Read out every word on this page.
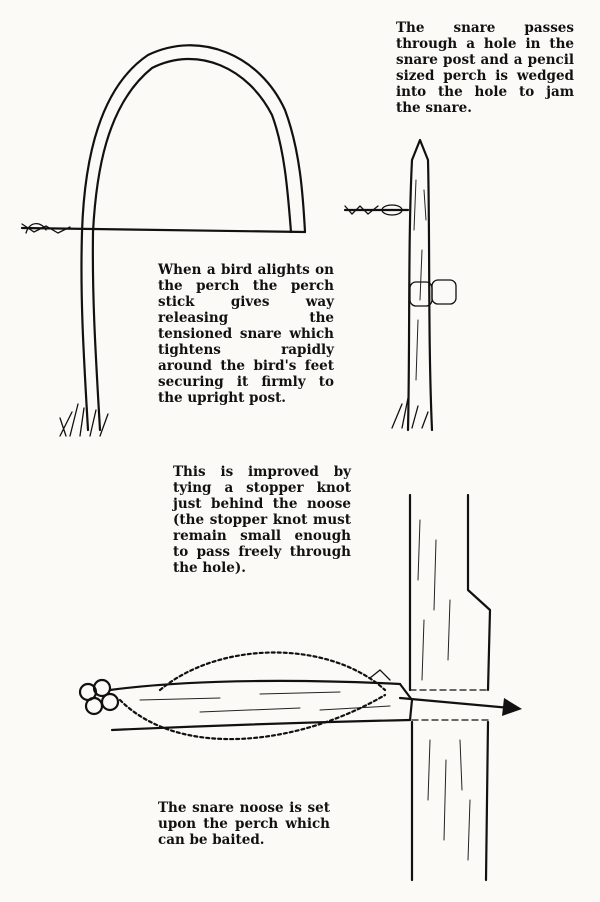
The snare passes through a hole in the snare post and a pencil sized perch is wedged into the hole to jam the snare.

When a bird alights on the perch the perch stick gives way releasing the tensioned snare which tightens rapidly around the bird's feet securing it firmly to the upright post.

This is improved by tying a stopper knot just behind the noose (the stopper knot must remain small enough to pass freely through the hole).

The snare noose is set upon the perch which can be baited.
